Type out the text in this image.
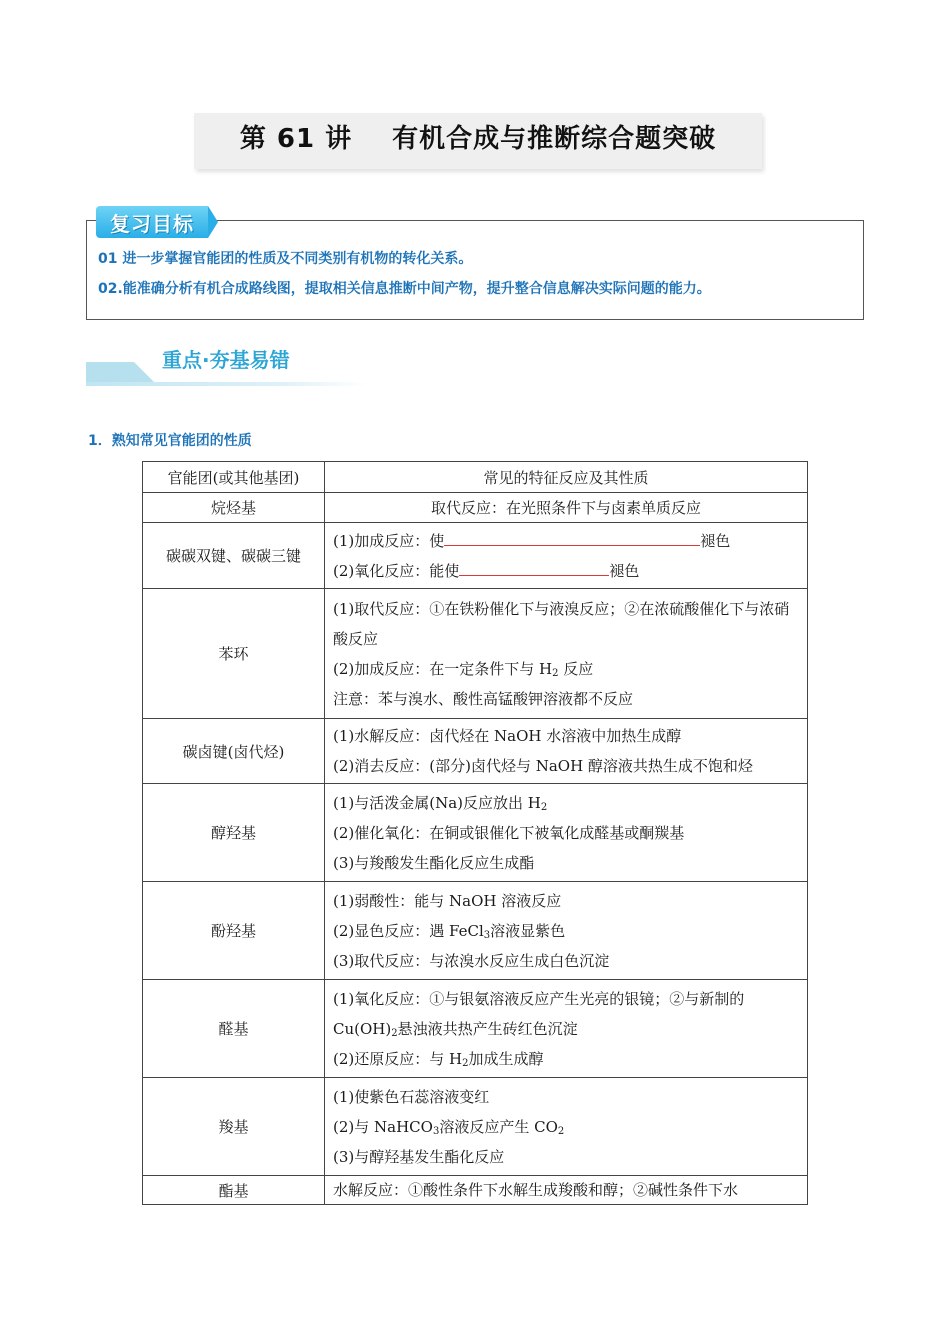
第 61 讲 有机合成与推断综合题突破
复习目标
01 进一步掌握官能团的性质及不同类别有机物的转化关系。
02.能准确分析有机合成路线图，提取相关信息推断中间产物，提升整合信息解决实际问题的能力。
重点·夯基易错
1．熟知常见官能团的性质
官能团(或其他基团)	常见的特征反应及其性质
烷烃基	取代反应：在光照条件下与卤素单质反应
碳碳双键、碳碳三键	(1)加成反应：使 褪色
(2)氧化反应：能使 褪色

苯环	(1)取代反应：①在铁粉催化下与液溴反应；②在浓硫酸催化下与浓硝酸反应
(2)加成反应：在一定条件下与 $H_2$ 反应
注意：苯与溴水、酸性高锰酸钾溶液都不反应

碳卤键(卤代烃)	(1)水解反应：卤代烃在 NaOH 水溶液中加热生成醇
(2)消去反应：(部分)卤代烃与 NaOH 醇溶液共热生成不饱和烃

醇羟基	(1)与活泼金属(Na)反应放出 $H_2$
(2)催化氧化：在铜或银催化下被氧化成醛基或酮羰基
(3)与羧酸发生酯化反应生成酯

酚羟基	(1)弱酸性：能与 NaOH 溶液反应
(2)显色反应：遇 FeCl$_3$溶液显紫色
(3)取代反应：与浓溴水反应生成白色沉淀

醛基	(1)氧化反应：①与银氨溶液反应产生光亮的银镜；②与新制的
$Cu(OH)_2$悬浊液共热产生砖红色沉淀
(2)还原反应：与 $H_2$加成生成醇

羧基	(1)使紫色石蕊溶液变红
(2)与 NaHCO$_3$溶液反应产生 $CO_2$
(3)与醇羟基发生酯化反应

酯基	水解反应：①酸性条件下水解生成羧酸和醇；②碱性条件下水
